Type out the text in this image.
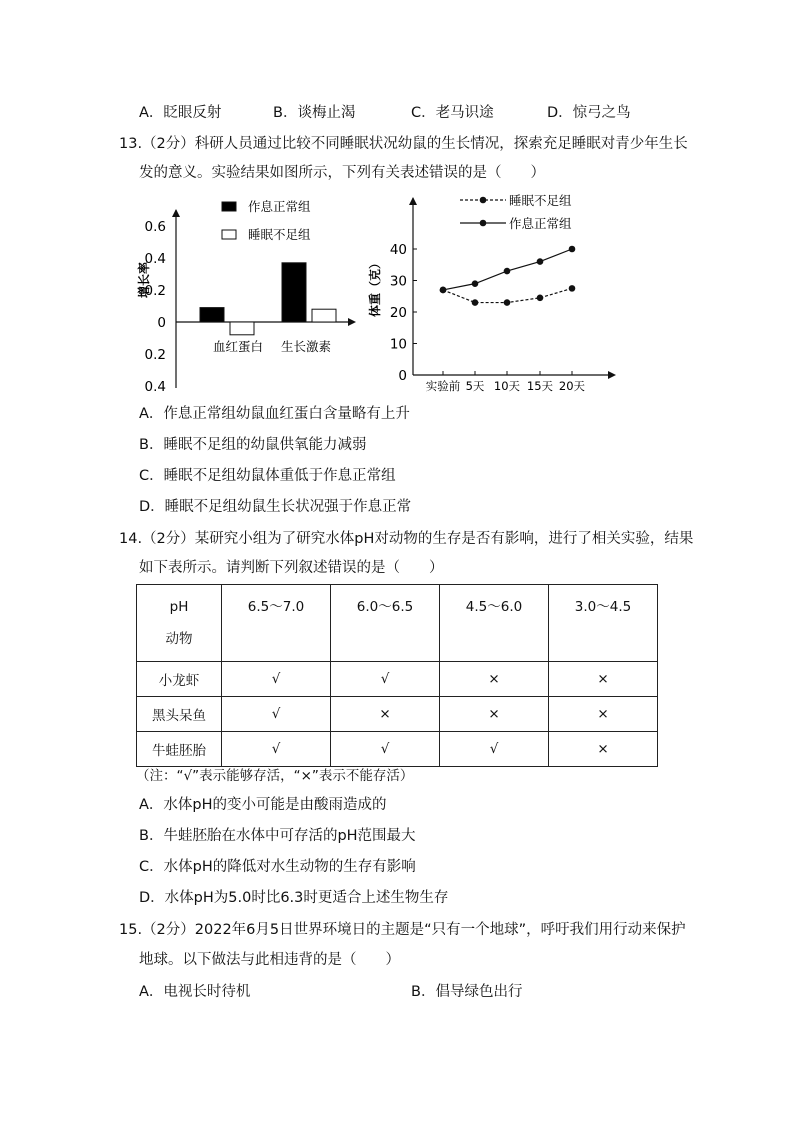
A．眨眼反射	B．谈梅止渴	C．老马识途	D．惊弓之鸟
13.（2分）科研人员通过比较不同睡眠状况幼鼠的生长情况，探索充足睡眠对青少年生长
发的意义。实验结果如图所示，下列有关表述错误的是（　　）
增长率
0.6
0.4
0.2
0
0.2
0.4
血红蛋白 生长激素
作息正常组
睡眠不足组
体重（克）
0
10
20
30
40
实验前 5天 10天 15天 20天
睡眠不足组
作息正常组
A．作息正常组幼鼠血红蛋白含量略有上升
B．睡眠不足组的幼鼠供氧能力减弱
C．睡眠不足组幼鼠体重低于作息正常组
D．睡眠不足组幼鼠生长状况强于作息正常
14.（2分）某研究小组为了研究水体pH对动物的生存是否有影响，进行了相关实验，结果
如下表所示。请判断下列叙述错误的是（　　）
pH
动物	6.5～7.0	6.0～6.5	4.5～6.0	3.0～4.5
小龙虾	√	√	×	×
黑头呆鱼	√	×	×	×
牛蛙胚胎	√	√	√	×
（注：“√”表示能够存活，“×”表示不能存活）
A．水体pH的变小可能是由酸雨造成的
B．牛蛙胚胎在水体中可存活的pH范围最大
C．水体pH的降低对水生动物的生存有影响
D．水体pH为5.0时比6.3时更适合上述生物生存
15.（2分）2022年6月5日世界环境日的主题是“只有一个地球”，呼吁我们用行动来保护
地球。以下做法与此相违背的是（　　）
A．电视长时待机	B．倡导绿色出行
